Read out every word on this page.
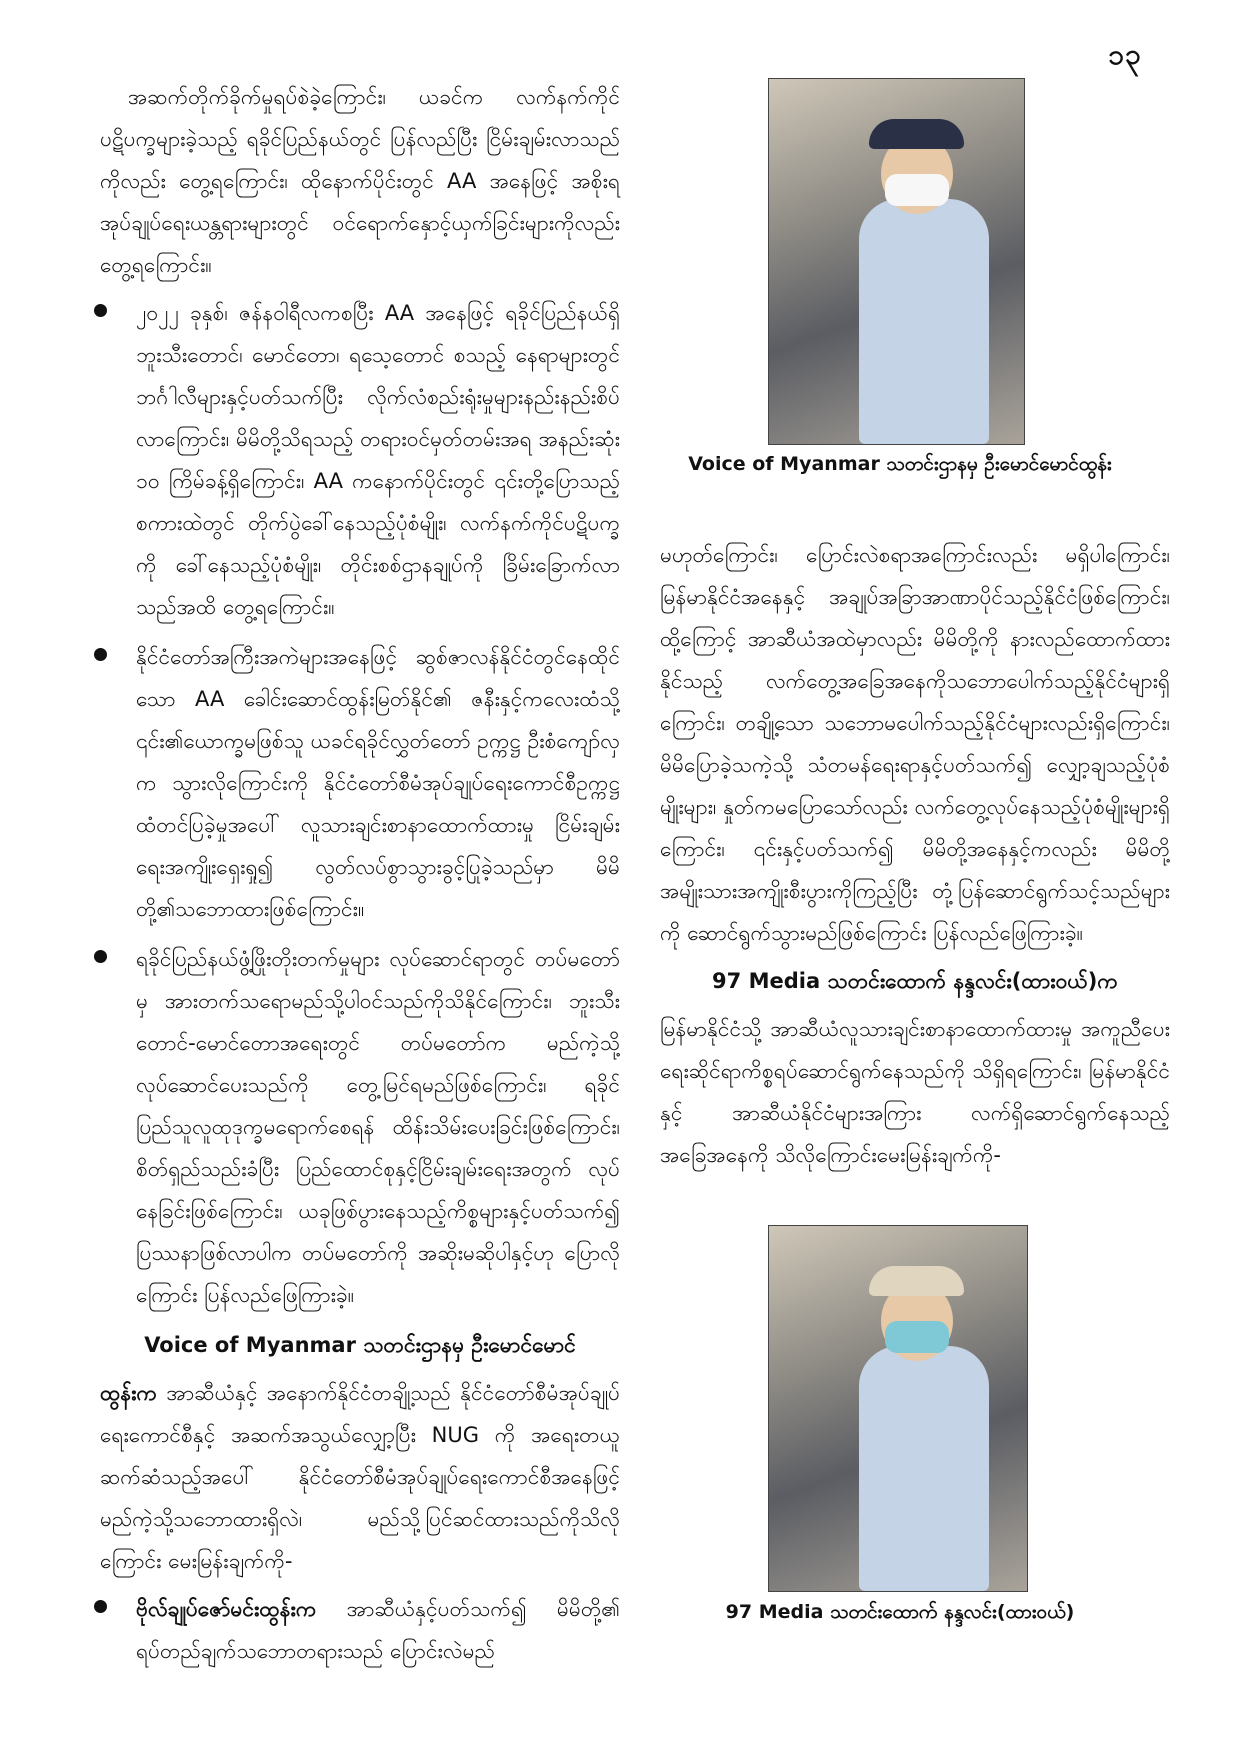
၁၃

အဆက်တိုက်ခိုက်မှုရပ်စဲခဲ့ကြောင်း၊ ယခင်က လက်နက်ကိုင်ပဋိပက္ခများခဲ့သည့် ရခိုင်ပြည်နယ်တွင် ပြန်လည်ပြီး ငြိမ်းချမ်းလာသည်ကိုလည်း တွေ့ရကြောင်း၊ ထိုနောက်ပိုင်းတွင် AA အနေဖြင့် အစိုးရအုပ်ချုပ်ရေးယန္တရားများတွင် ဝင်ရောက်နှောင့်ယှက်ခြင်းများကိုလည်းတွေ့ရကြောင်း။

၂၀၂၂ ခုနှစ်၊ ဇန်နဝါရီလကစပြီး AA အနေဖြင့် ရခိုင်ပြည်နယ်ရှိ ဘူးသီးတောင်၊ မောင်တော၊ ရသေ့တောင် စသည့် နေရာများတွင် ဘင်္ဂါလီများနှင့်ပတ်သက်ပြီး လိုက်လံစည်းရုံးမှုများနည်းနည်းစိပ်လာကြောင်း၊ မိမိတို့သိရသည့် တရားဝင်မှတ်တမ်းအရ အနည်းဆုံး ၁၀ ကြိမ်ခန့်ရှိကြောင်း၊ AA ကနောက်ပိုင်းတွင် ၎င်းတို့ပြောသည့်စကားထဲတွင် တိုက်ပွဲခေါ်နေသည့်ပုံစံမျိုး၊ လက်နက်ကိုင်ပဋိပက္ခကို ခေါ်နေသည့်ပုံစံမျိုး၊ တိုင်းစစ်ဌာနချုပ်ကို ခြိမ်းခြောက်လာသည်အထိ တွေ့ရကြောင်း။
နိုင်ငံတော်အကြီးအကဲများအနေဖြင့် ဆွစ်ဇာလန်နိုင်ငံတွင်နေထိုင်သော AA ခေါင်းဆောင်ထွန်းမြတ်နိုင်၏ ဇနီးနှင့်ကလေးထံသို့ ၎င်း၏ယောက္ခမဖြစ်သူ ယခင်ရခိုင်လွှတ်တော် ဥက္ကဋ္ဌ ဦးစံကျော်လှက သွားလိုကြောင်းကို နိုင်ငံတော်စီမံအုပ်ချုပ်ရေးကောင်စီဥက္ကဋ္ဌထံတင်ပြခဲ့မှုအပေါ် လူသားချင်းစာနာထောက်ထားမှု ငြိမ်းချမ်းရေးအကျိုးရှေးရှု၍ လွတ်လပ်စွာသွားခွင့်ပြုခဲ့သည်မှာ မိမိတို့၏သဘောထားဖြစ်ကြောင်း။
ရခိုင်ပြည်နယ်ဖွံ့ဖြိုးတိုးတက်မှုများ လုပ်ဆောင်ရာတွင် တပ်မတော်မှ အားတက်သရောမည်သို့ပါဝင်သည်ကိုသိနိုင်ကြောင်း၊ ဘူးသီးတောင်-မောင်တောအရေးတွင် တပ်မတော်က မည်ကဲ့သို့လုပ်ဆောင်ပေးသည်ကို တွေ့မြင်ရမည်ဖြစ်ကြောင်း၊ ရခိုင်ပြည်သူလူထုဒုက္ခမရောက်စေရန် ထိန်းသိမ်းပေးခြင်းဖြစ်ကြောင်း၊ စိတ်ရှည်သည်းခံပြီး ပြည်ထောင်စုနှင့်ငြိမ်းချမ်းရေးအတွက် လုပ်နေခြင်းဖြစ်ကြောင်း၊ ယခုဖြစ်ပွားနေသည့်ကိစ္စများနှင့်ပတ်သက်၍ ပြဿနာဖြစ်လာပါက တပ်မတော်ကို အဆိုးမဆိုပါနှင့်ဟု ပြောလိုကြောင်း ပြန်လည်ဖြေကြားခဲ့။

Voice of Myanmar သတင်းဌာနမှ ဦးမောင်မောင်

ထွန်းက အာဆီယံနှင့် အနောက်နိုင်ငံတချို့သည် နိုင်ငံတော်စီမံအုပ်ချုပ်ရေးကောင်စီနှင့် အဆက်အသွယ်လျှော့ပြီး NUG ကို အရေးတယူဆက်ဆံသည့်အပေါ် နိုင်ငံတော်စီမံအုပ်ချုပ်ရေးကောင်စီအနေဖြင့် မည်ကဲ့သို့သဘောထားရှိလဲ၊ မည်သို့ပြင်ဆင်ထားသည်ကိုသိလိုကြောင်း မေးမြန်းချက်ကို-

ဗိုလ်ချုပ်ဇော်မင်းထွန်းက အာဆီယံနှင့်ပတ်သက်၍ မိမိတို့၏ ရပ်တည်ချက်သဘောတရားသည် ပြောင်းလဲမည်
Voice of Myanmar သတင်းဌာနမှ ဦးမောင်မောင်ထွန်း

မဟုတ်ကြောင်း၊ ပြောင်းလဲစရာအကြောင်းလည်း မရှိပါကြောင်း၊ မြန်မာနိုင်ငံအနေနှင့် အချုပ်အခြာအာဏာပိုင်သည့်နိုင်ငံဖြစ်ကြောင်း၊ ထို့ကြောင့် အာဆီယံအထဲမှာလည်း မိမိတို့ကို နားလည်ထောက်ထားနိုင်သည့် လက်တွေ့အခြေအနေကိုသဘောပေါက်သည့်နိုင်ငံများရှိကြောင်း၊ တချို့သော သဘောမပေါက်သည့်နိုင်ငံများလည်းရှိကြောင်း၊ မိမိပြောခဲ့သကဲ့သို့ သံတမန်ရေးရာနှင့်ပတ်သက်၍ လျှော့ချသည့်ပုံစံမျိုးများ၊ နှုတ်ကမပြောသော်လည်း လက်တွေ့လုပ်နေသည့်ပုံစံမျိုးများရှိကြောင်း၊ ၎င်းနှင့်ပတ်သက်၍ မိမိတို့အနေနှင့်ကလည်း မိမိတို့ အမျိုးသားအကျိုးစီးပွားကိုကြည့်ပြီး တုံ့ပြန်ဆောင်ရွက်သင့်သည်များကို ဆောင်ရွက်သွားမည်ဖြစ်ကြောင်း ပြန်လည်ဖြေကြားခဲ့။

97 Media သတင်းထောက် နန္ဒလင်း(ထားဝယ်)က

မြန်မာနိုင်ငံသို့ အာဆီယံလူသားချင်းစာနာထောက်ထားမှု အကူညီပေးရေးဆိုင်ရာကိစ္စရပ်ဆောင်ရွက်နေသည်ကို သိရှိရကြောင်း၊ မြန်မာနိုင်ငံနှင့် အာဆီယံနိုင်ငံများအကြား လက်ရှိဆောင်ရွက်နေသည့်အခြေအနေကို သိလိုကြောင်းမေးမြန်းချက်ကို-

97 Media သတင်းထောက် နန္ဒလင်း(ထားဝယ်)
